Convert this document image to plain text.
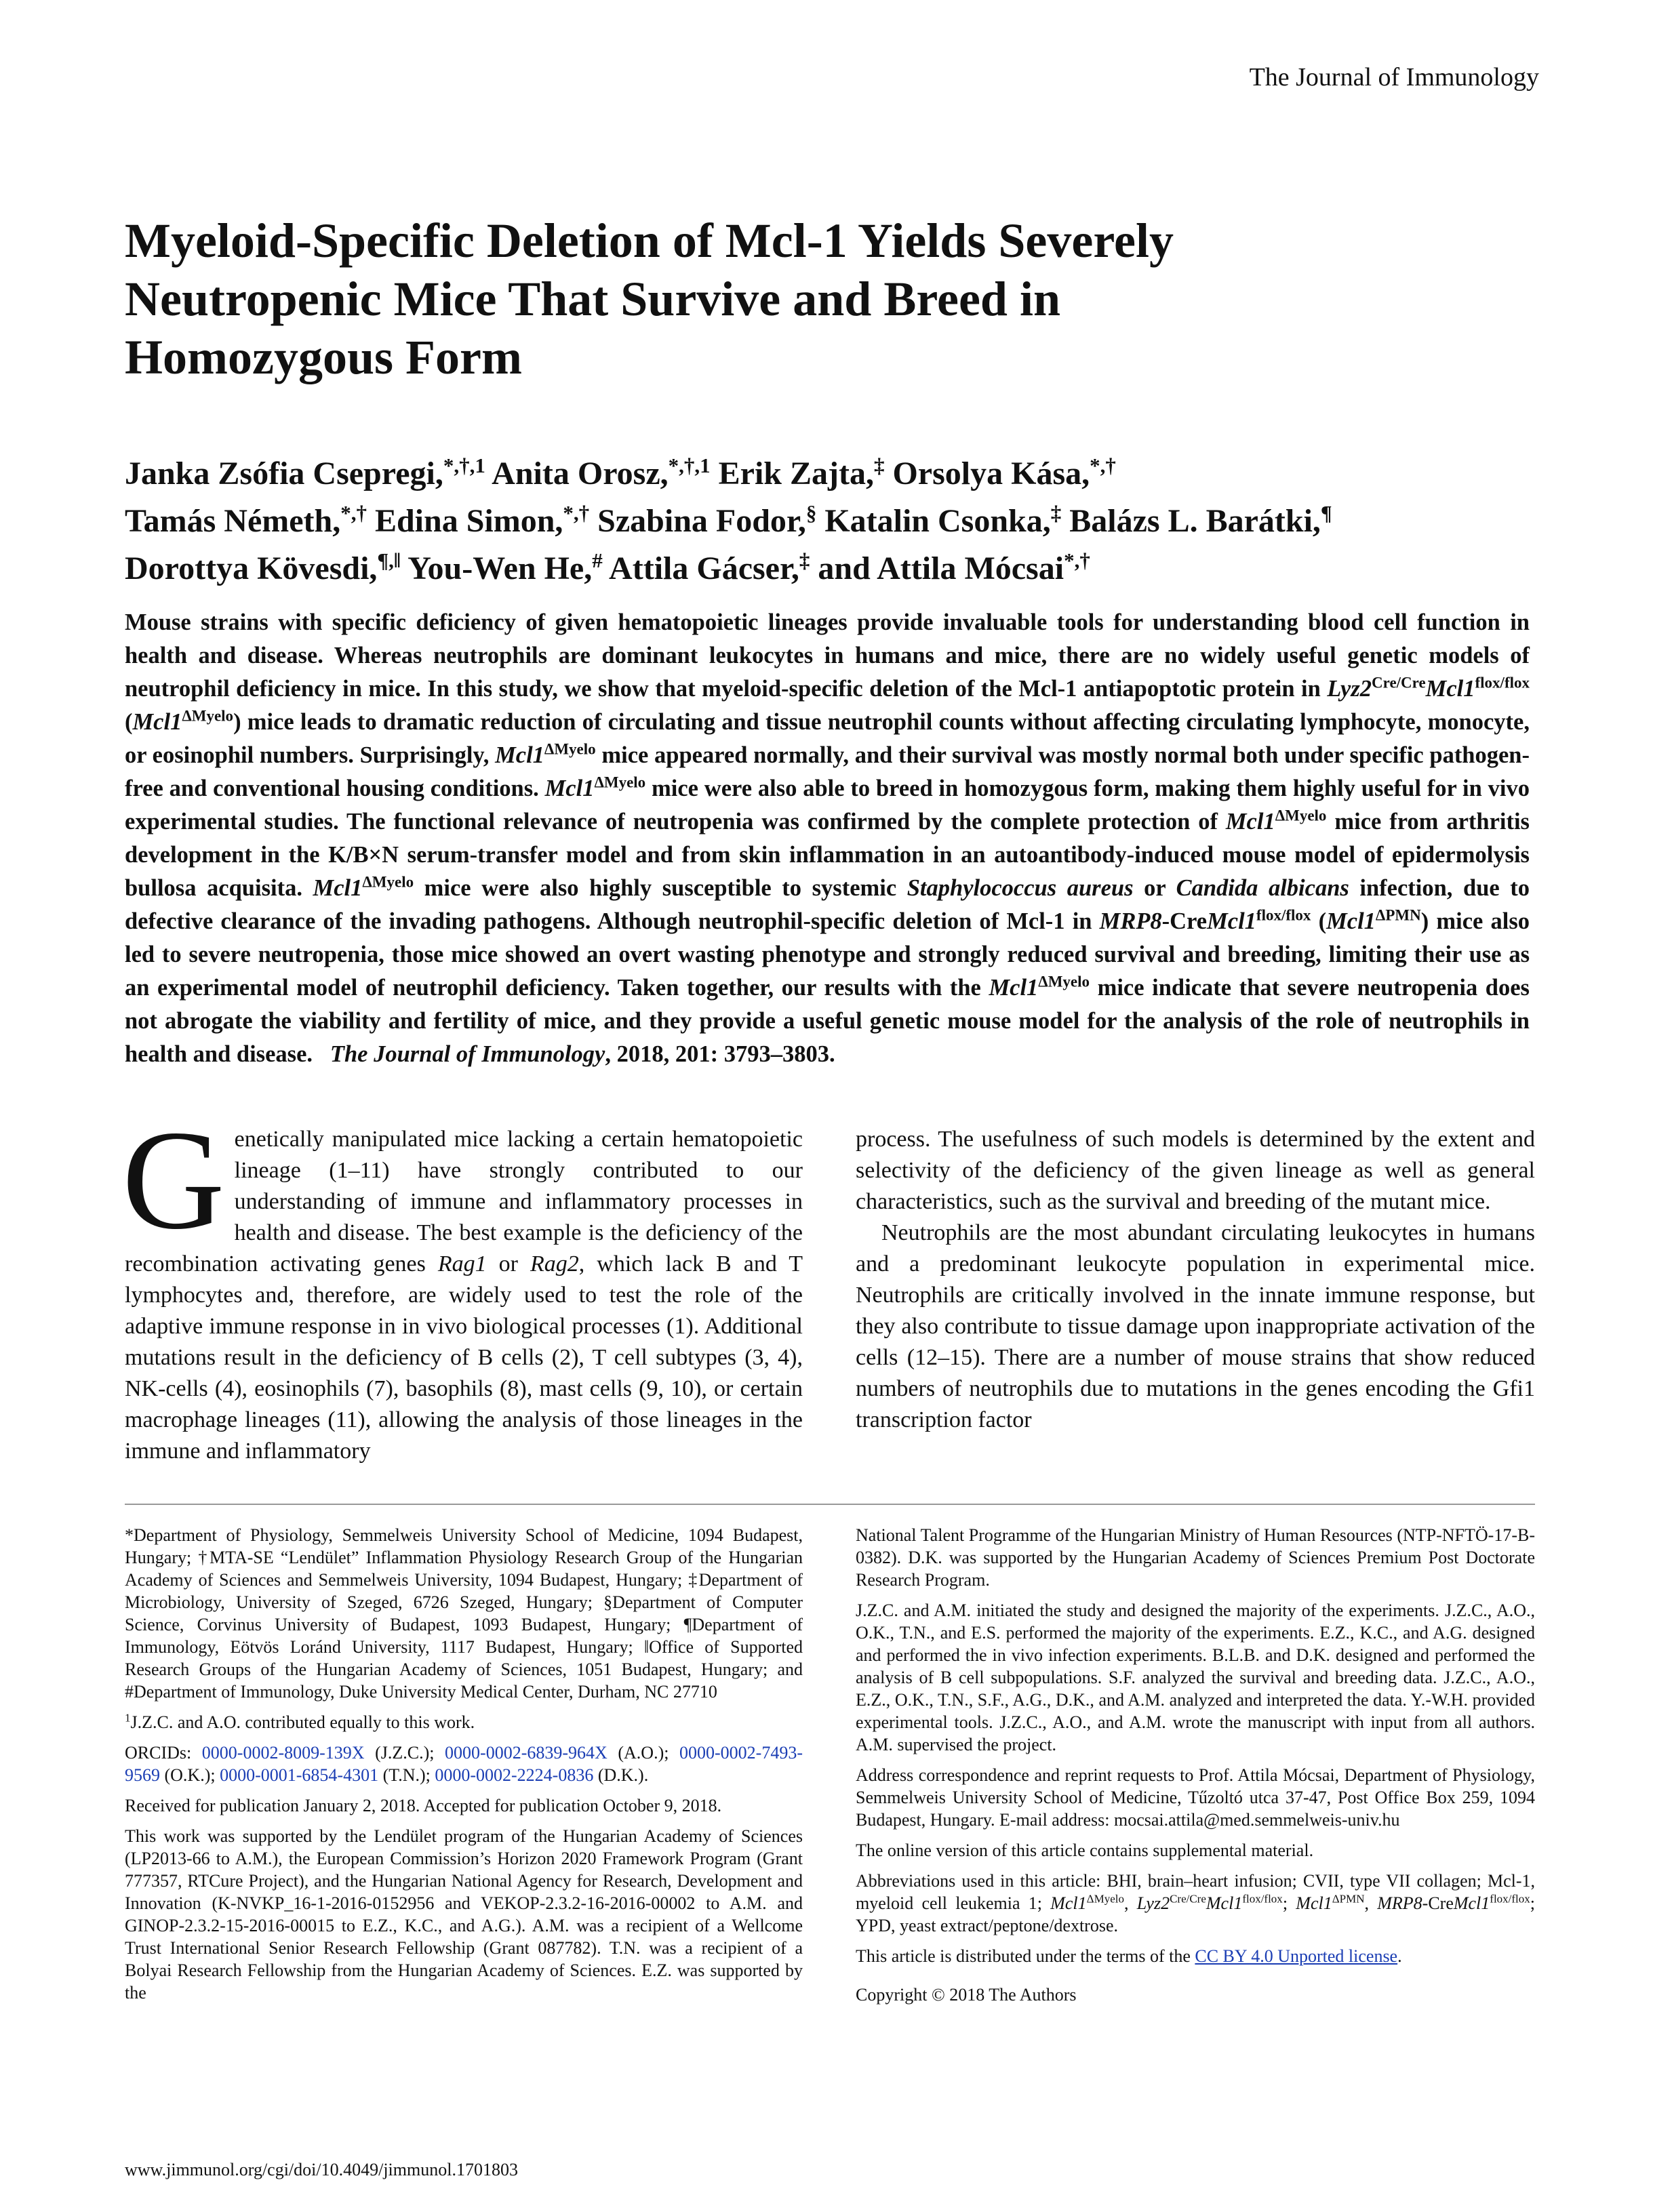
The Journal of Immunology
Myeloid-Specific Deletion of Mcl-1 Yields Severely
Neutropenic Mice That Survive and Breed in
Homozygous Form
Janka Zsófia Csepregi,$^{*,\dagger,1}$ Anita Orosz,$^{*,\dagger,1}$ Erik Zajta,‡ Orsolya Kása,*,†
Tamás Németh,*,† Edina Simon,*,† Szabina Fodor,§ Katalin Csonka,‡ Balázs L. Barátki,¶
Dorottya Kövesdi,¶,‖ You-Wen He,# Attila Gácser,‡ and Attila Mócsai*,†
Mouse strains with specific deficiency of given hematopoietic lineages provide invaluable tools for understanding blood cell function in health and disease. Whereas neutrophils are dominant leukocytes in humans and mice, there are no widely useful genetic models of neutrophil deficiency in mice. In this study, we show that myeloid-specific deletion of the Mcl-1 antiapoptotic protein in $Lyz2^{Cre/Cre}Mcl1^{flox/flox}$ $(Mcl1^{\Delta Myelo})$ mice leads to dramatic reduction of circulating and tissue neutrophil counts without affecting circulating lymphocyte, monocyte, or eosinophil numbers. Surprisingly, $Mcl1^{\Delta Myelo}$ mice appeared normally, and their survival was mostly normal both under specific pathogen-free and conventional housing conditions. $Mcl1^{\Delta Myelo}$ mice were also able to breed in homozygous form, making them highly useful for in vivo experimental studies. The functional relevance of neutropenia was confirmed by the complete protection of $Mcl1^{\Delta Myelo}$ mice from arthritis development in the K/B×N serum-transfer model and from skin inflammation in an autoantibody-induced mouse model of epidermolysis bullosa acquisita. $Mcl1^{\Delta Myelo}$ mice were also highly susceptible to systemic Staphylococcus aureus or Candida albicans infection, due to defective clearance of the invading pathogens. Although neutrophil-specific deletion of Mcl-1 in $MRP8-CreMcl1^{flox/flox}$ $(Mcl1^{\Delta PMN})$ mice also led to severe neutropenia, those mice showed an overt wasting phenotype and strongly reduced survival and breeding, limiting their use as an experimental model of neutrophil deficiency. Taken together, our results with the $Mcl1^{\Delta Myelo}$ mice indicate that severe neutropenia does not abrogate the viability and fertility of mice, and they provide a useful genetic mouse model for the analysis of the role of neutrophils in health and disease. The Journal of Immunology, 2018, 201: 3793–3803.

Genetically manipulated mice lacking a certain hematopoietic lineage (1–11) have strongly contributed to our understanding of immune and inflammatory processes in health and disease. The best example is the deficiency of the recombination activating genes Rag1 or Rag2, which lack B and T lymphocytes and, therefore, are widely used to test the role of the adaptive immune response in in vivo biological processes (1). Additional mutations result in the deficiency of B cells (2), T cell subtypes (3, 4), NK-cells (4), eosinophils (7), basophils (8), mast cells (9, 10), or certain macrophage lineages (11), allowing the analysis of those lineages in the immune and inflammatory

process. The usefulness of such models is determined by the extent and selectivity of the deficiency of the given lineage as well as general characteristics, such as the survival and breeding of the mutant mice.

Neutrophils are the most abundant circulating leukocytes in humans and a predominant leukocyte population in experimental mice. Neutrophils are critically involved in the innate immune response, but they also contribute to tissue damage upon inappropriate activation of the cells (12–15). There are a number of mouse strains that show reduced numbers of neutrophils due to mutations in the genes encoding the Gfi1 transcription factor

*Department of Physiology, Semmelweis University School of Medicine, 1094 Budapest, Hungary; †MTA-SE “Lendület” Inflammation Physiology Research Group of the Hungarian Academy of Sciences and Semmelweis University, 1094 Budapest, Hungary; ‡Department of Microbiology, University of Szeged, 6726 Szeged, Hungary; §Department of Computer Science, Corvinus University of Budapest, 1093 Budapest, Hungary; ¶Department of Immunology, Eötvös Loránd University, 1117 Budapest, Hungary; ‖Office of Supported Research Groups of the Hungarian Academy of Sciences, 1051 Budapest, Hungary; and #Department of Immunology, Duke University Medical Center, Durham, NC 27710

$^1$J.Z.C. and A.O. contributed equally to this work.

ORCIDs: 0000-0002-8009-139X (J.Z.C.); 0000-0002-6839-964X (A.O.); 0000-0002-7493-9569 (O.K.); 0000-0001-6854-4301 (T.N.); 0000-0002-2224-0836 (D.K.).

Received for publication January 2, 2018. Accepted for publication October 9, 2018.

This work was supported by the Lendület program of the Hungarian Academy of Sciences (LP2013-66 to A.M.), the European Commission’s Horizon 2020 Framework Program (Grant 777357, RTCure Project), and the Hungarian National Agency for Research, Development and Innovation (K-NVKP_16-1-2016-0152956 and VEKOP-2.3.2-16-2016-00002 to A.M. and GINOP-2.3.2-15-2016-00015 to E.Z., K.C., and A.G.). A.M. was a recipient of a Wellcome Trust International Senior Research Fellowship (Grant 087782). T.N. was a recipient of a Bolyai Research Fellowship from the Hungarian Academy of Sciences. E.Z. was supported by the

National Talent Programme of the Hungarian Ministry of Human Resources (NTP-NFTÖ-17-B-0382). D.K. was supported by the Hungarian Academy of Sciences Premium Post Doctorate Research Program.

J.Z.C. and A.M. initiated the study and designed the majority of the experiments. J.Z.C., A.O., O.K., T.N., and E.S. performed the majority of the experiments. E.Z., K.C., and A.G. designed and performed the in vivo infection experiments. B.L.B. and D.K. designed and performed the analysis of B cell subpopulations. S.F. analyzed the survival and breeding data. J.Z.C., A.O., E.Z., O.K., T.N., S.F., A.G., D.K., and A.M. analyzed and interpreted the data. Y.-W.H. provided experimental tools. J.Z.C., A.O., and A.M. wrote the manuscript with input from all authors. A.M. supervised the project.

Address correspondence and reprint requests to Prof. Attila Mócsai, Department of Physiology, Semmelweis University School of Medicine, Tűzoltó utca 37-47, Post Office Box 259, 1094 Budapest, Hungary. E-mail address: mocsai.attila@med.semmelweis-univ.hu

The online version of this article contains supplemental material.

Abbreviations used in this article: BHI, brain–heart infusion; CVII, type VII collagen; Mcl-1, myeloid cell leukemia 1; $Mcl1^{\Delta Myelo}$, $Lyz2^{Cre/Cre}Mcl1^{flox/flox}$; $Mcl1^{\Delta PMN}$, $MRP8-CreMcl1^{flox/flox}$; YPD, yeast extract/peptone/dextrose.

This article is distributed under the terms of the CC BY 4.0 Unported license.

Copyright © 2018 The Authors

www.jimmunol.org/cgi/doi/10.4049/jimmunol.1701803
